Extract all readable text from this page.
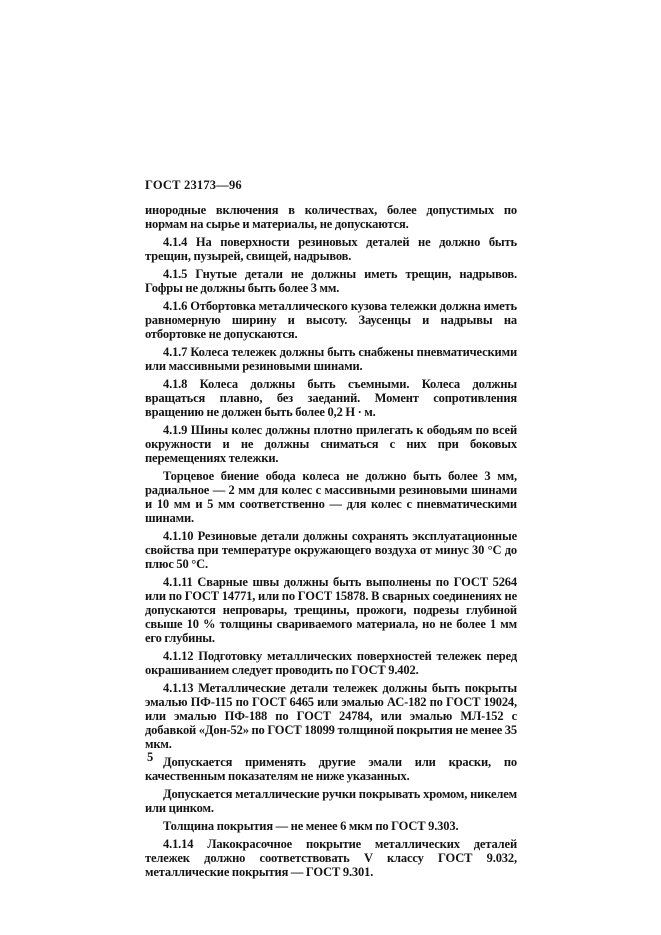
ГОСТ 23173—96

инородные включения в количествах, более допустимых по нормам на сырье и материалы, не допускаются.

4.1.4 На поверхности резиновых деталей не должно быть трещин, пузырей, свищей, надрывов.

4.1.5 Гнутые детали не должны иметь трещин, надрывов. Гофры не должны быть более 3 мм.

4.1.6 Отбортовка металлического кузова тележки должна иметь равномерную ширину и высоту. Заусенцы и надрывы на отбортовке не допускаются.

4.1.7 Колеса тележек должны быть снабжены пневматическими или массивными резиновыми шинами.

4.1.8 Колеса должны быть съемными. Колеса должны вращаться плавно, без заеданий. Момент сопротивления вращению не должен быть более 0,2 Н · м.

4.1.9 Шины колес должны плотно прилегать к ободьям по всей окружности и не должны сниматься с них при боковых перемещениях тележки.

Торцевое биение обода колеса не должно быть более 3 мм, радиальное — 2 мм для колес с массивными резиновыми шинами и 10 мм и 5 мм соответственно — для колес с пневматическими шинами.

4.1.10 Резиновые детали должны сохранять эксплуатационные свойства при температуре окружающего воздуха от минус 30 °С до плюс 50 °С.

4.1.11 Сварные швы должны быть выполнены по ГОСТ 5264 или по ГОСТ 14771, или по ГОСТ 15878. В сварных соединениях не допускаются непровары, трещины, прожоги, подрезы глубиной свыше 10 % толщины свариваемого материала, но не более 1 мм его глубины.

4.1.12 Подготовку металлических поверхностей тележек перед окрашиванием следует проводить по ГОСТ 9.402.

4.1.13 Металлические детали тележек должны быть покрыты эмалью ПФ-115 по ГОСТ 6465 или эмалью АС-182 по ГОСТ 19024, или эмалью ПФ-188 по ГОСТ 24784, или эмалью МЛ-152 с добавкой «Дон-52» по ГОСТ 18099 толщиной покрытия не менее 35 мкм.

Допускается применять другие эмали или краски, по качественным показателям не ниже указанных.

Допускается металлические ручки покрывать хромом, никелем или цинком.

Толщина покрытия — не менее 6 мкм по ГОСТ 9.303.

4.1.14 Лакокрасочное покрытие металлических деталей тележек должно соответствовать V классу ГОСТ 9.032, металлические покрытия — ГОСТ 9.301.

5
